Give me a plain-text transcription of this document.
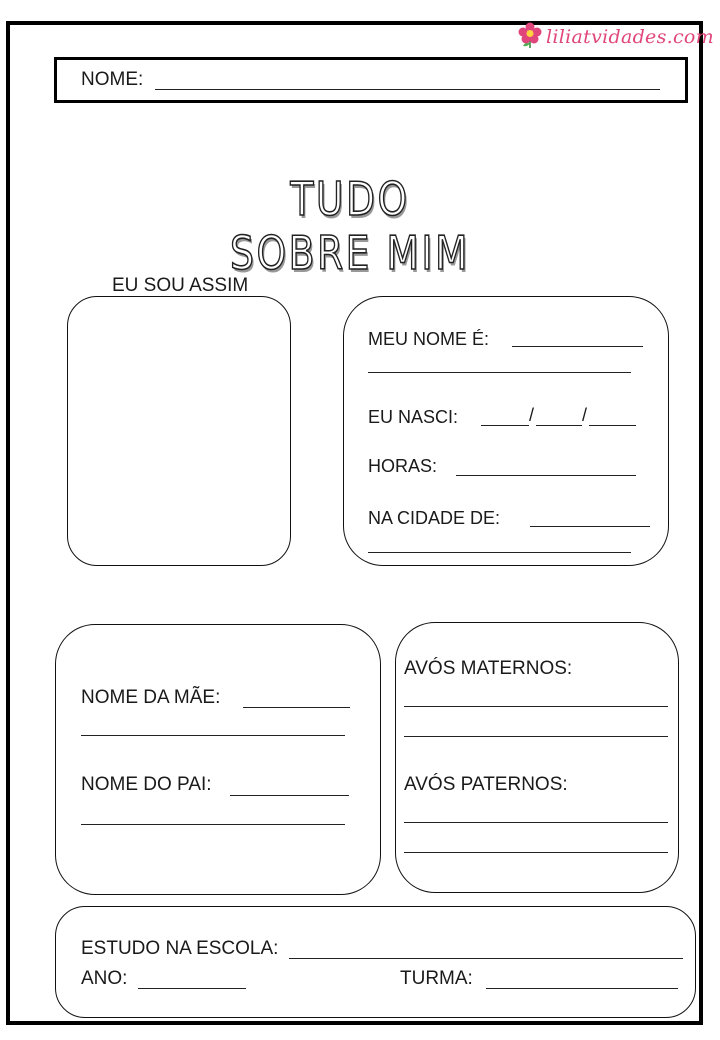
liliatvidades.com
NOME:
TUDO SOBRE MIM
EU SOU ASSIM
MEU NOME É:
EU NASCI:	/	/
HORAS:
NA CIDADE DE:
NOME DA MÃE:
NOME DO PAI:
AVÓS MATERNOS:
AVÓS PATERNOS:
ESTUDO NA ESCOLA:
ANO:	TURMA:
